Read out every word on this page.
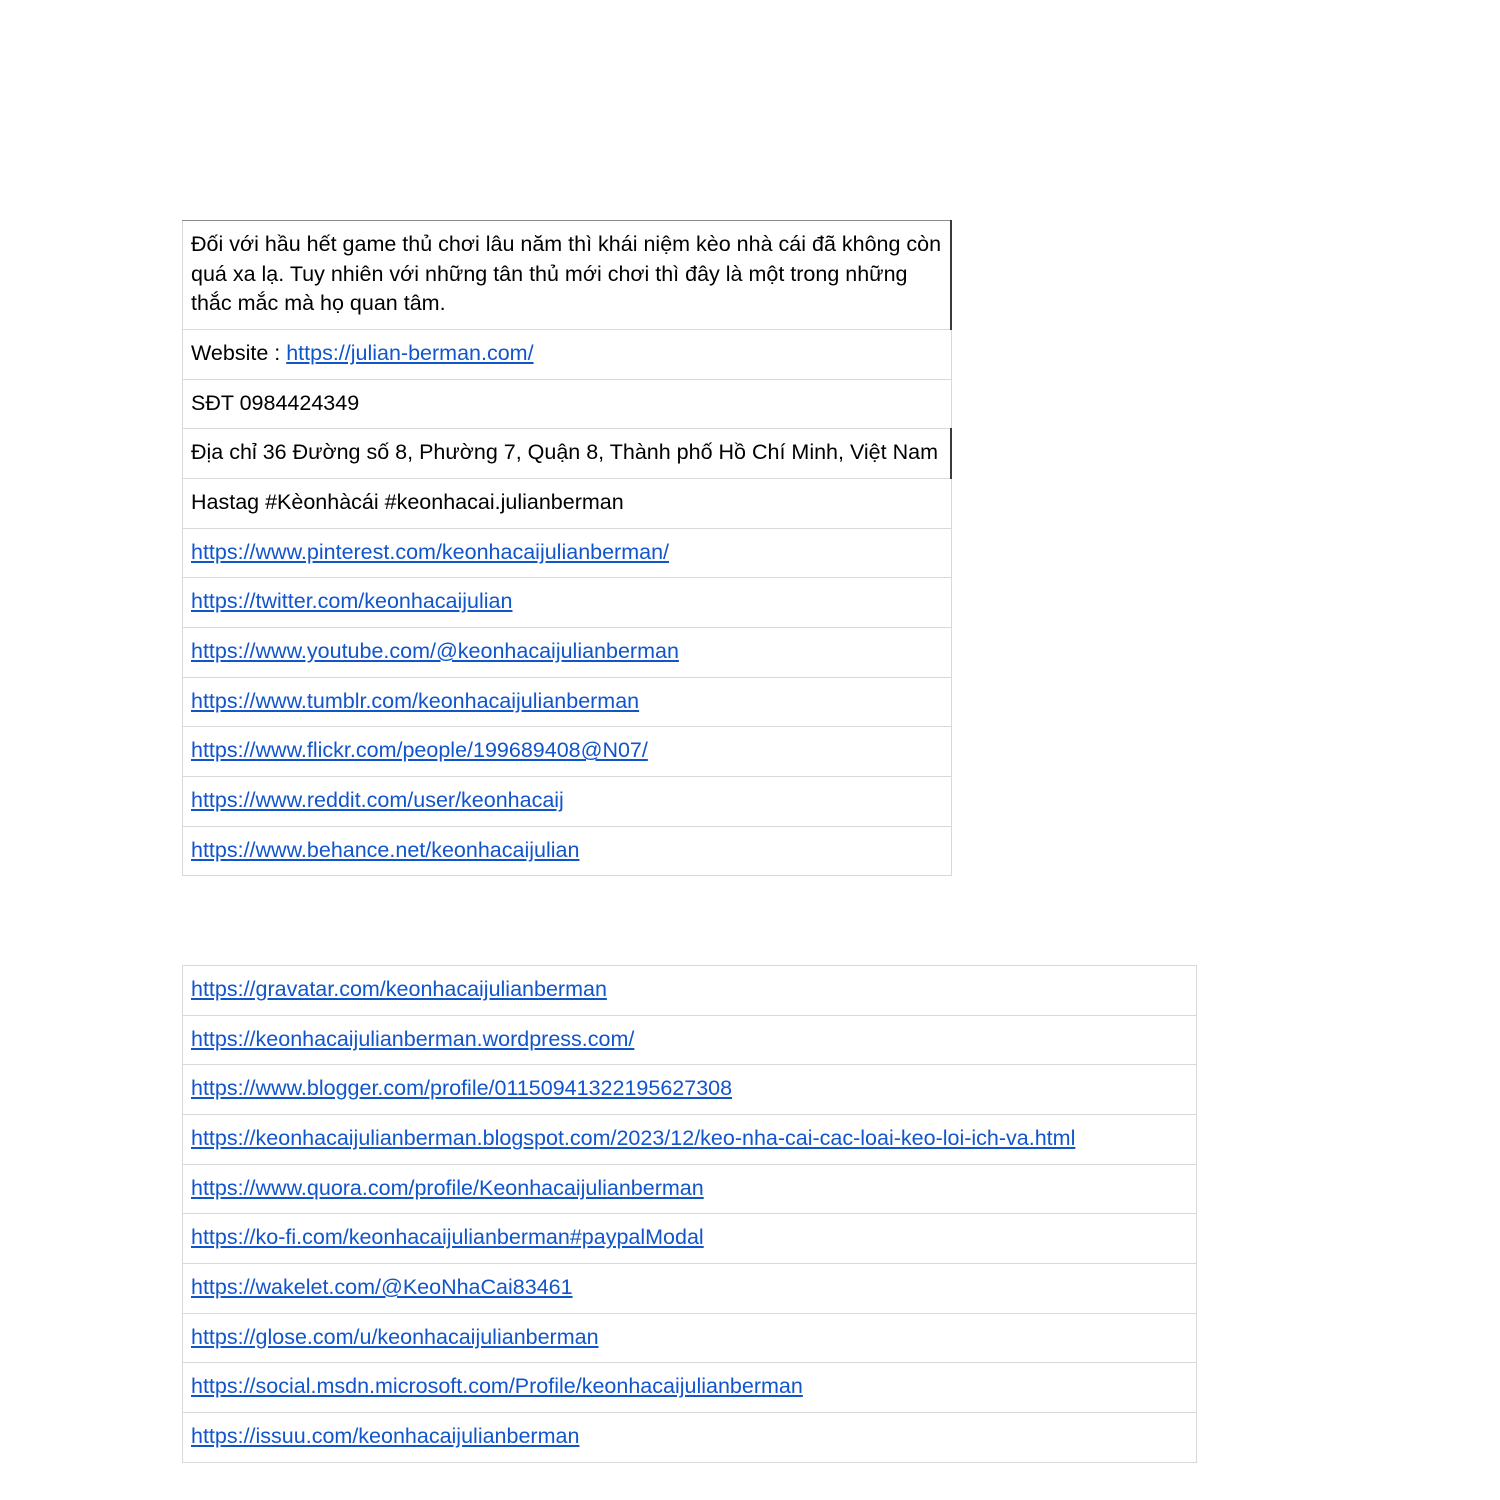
Đối với hầu hết game thủ chơi lâu năm thì khái niệm kèo nhà cái đã không còn quá xa lạ. Tuy nhiên với những tân thủ mới chơi thì đây là một trong những thắc mắc mà họ quan tâm.

Website : https://julian-berman.com/

SĐT 0984424349

Địa chỉ 36 Đường số 8, Phường 7, Quận 8, Thành phố Hồ Chí Minh, Việt Nam

Hastag #Kèonhàcái #keonhacai.julianberman

https://www.pinterest.com/keonhacaijulianberman/
https://twitter.com/keonhacaijulian
https://www.youtube.com/@keonhacaijulianberman
https://www.tumblr.com/keonhacaijulianberman
https://www.flickr.com/people/199689408@N07/
https://www.reddit.com/user/keonhacaij
https://www.behance.net/keonhacaijulian
https://gravatar.com/keonhacaijulianberman
https://keonhacaijulianberman.wordpress.com/
https://www.blogger.com/profile/01150941322195627308
https://keonhacaijulianberman.blogspot.com/2023/12/keo-nha-cai-cac-loai-keo-loi-ich-va.html
https://www.quora.com/profile/Keonhacaijulianberman
https://ko-fi.com/keonhacaijulianberman#paypalModal
https://wakelet.com/@KeoNhaCai83461
https://glose.com/u/keonhacaijulianberman
https://social.msdn.microsoft.com/Profile/keonhacaijulianberman
https://issuu.com/keonhacaijulianberman
